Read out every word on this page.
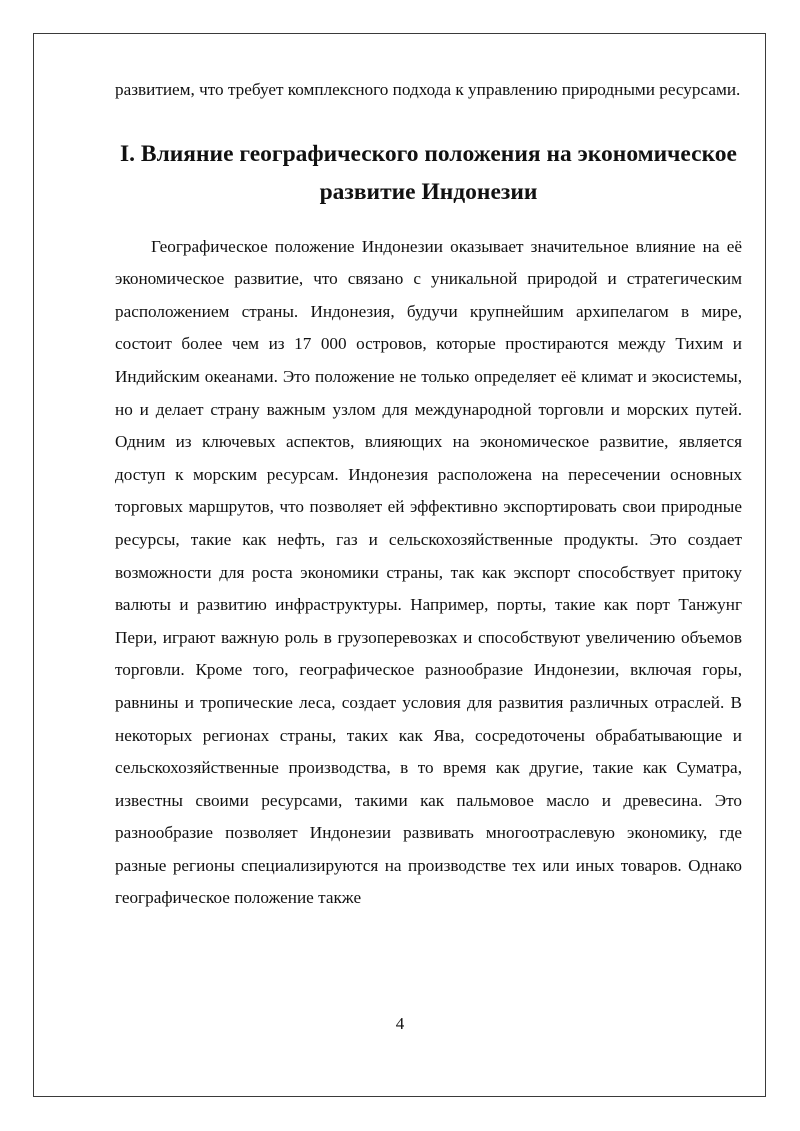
развитием, что требует комплексного подхода к управлению природными ресурсами.

I. Влияние географического положения на экономическое развитие Индонезии

Географическое положение Индонезии оказывает значительное влияние на её экономическое развитие, что связано с уникальной природой и стратегическим расположением страны. Индонезия, будучи крупнейшим архипелагом в мире, состоит более чем из 17 000 островов, которые простираются между Тихим и Индийским океанами. Это положение не только определяет её климат и экосистемы, но и делает страну важным узлом для международной торговли и морских путей. Одним из ключевых аспектов, влияющих на экономическое развитие, является доступ к морским ресурсам. Индонезия расположена на пересечении основных торговых маршрутов, что позволяет ей эффективно экспортировать свои природные ресурсы, такие как нефть, газ и сельскохозяйственные продукты. Это создает возможности для роста экономики страны, так как экспорт способствует притоку валюты и развитию инфраструктуры. Например, порты, такие как порт Танжунг Пери, играют важную роль в грузоперевозках и способствуют увеличению объемов торговли. Кроме того, географическое разнообразие Индонезии, включая горы, равнины и тропические леса, создает условия для развития различных отраслей. В некоторых регионах страны, таких как Ява, сосредоточены обрабатывающие и сельскохозяйственные производства, в то время как другие, такие как Суматра, известны своими ресурсами, такими как пальмовое масло и древесина. Это разнообразие позволяет Индонезии развивать многоотраслевую экономику, где разные регионы специализируются на производстве тех или иных товаров. Однако географическое положение также

4
